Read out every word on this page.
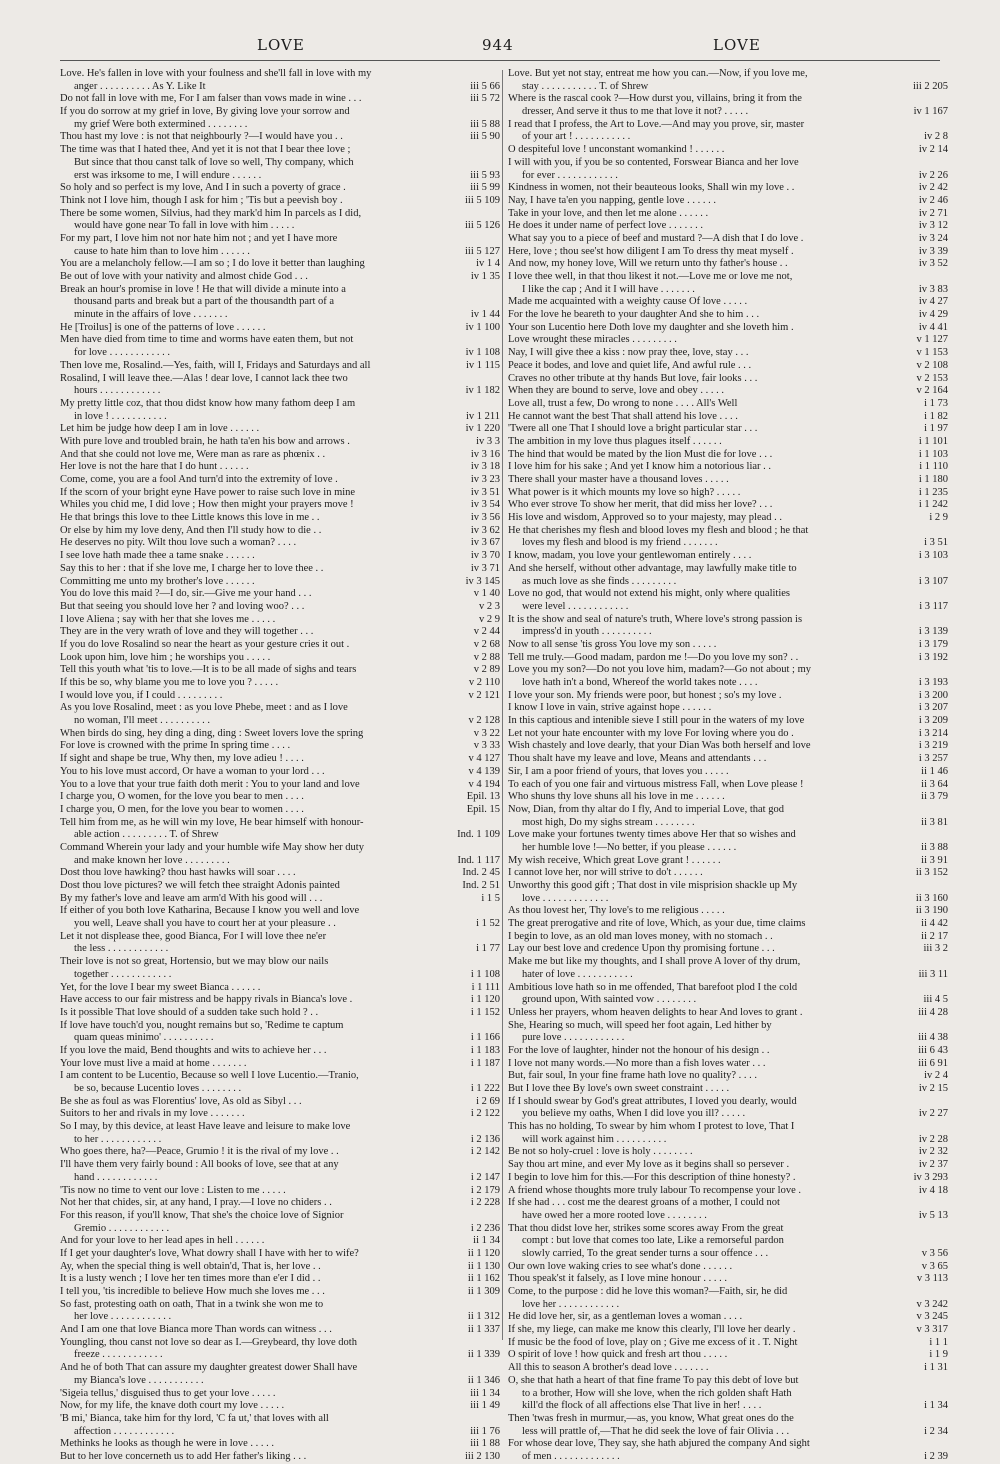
LOVE	944	LOVE
Love. He's fallen in love with your foulness and she'll fall in love with my
anger . . . . . . . . . . As Y. Like It	iii 5 66
Do not fall in love with me, For I am falser than vows made in wine . . .	iii 5 72
If you do sorrow at my grief in love, By giving love your sorrow and
my grief Were both extermined . . . . . . . .	iii 5 88
Thou hast my love : is not that neighbourly ?—I would have you . .	iii 5 90
The time was that I hated thee, And yet it is not that I bear thee love ;
But since that thou canst talk of love so well, Thy company, which
erst was irksome to me, I will endure . . . . . .	iii 5 93
So holy and so perfect is my love, And I in such a poverty of grace .	iii 5 99
Think not I love him, though I ask for him ; 'Tis but a peevish boy .	iii 5 109
There be some women, Silvius, had they mark'd him In parcels as I did,
would have gone near To fall in love with him . . . . .	iii 5 126
For my part, I love him not nor hate him not ; and yet I have more
cause to hate him than to love him . . . . . .	iii 5 127
You are a melancholy fellow.—I am so ; I do love it better than laughing	iv 1 4
Be out of love with your nativity and almost chide God . . .	iv 1 35
Break an hour's promise in love ! He that will divide a minute into a
thousand parts and break but a part of the thousandth part of a
minute in the affairs of love . . . . . . .	iv 1 44
He [Troilus] is one of the patterns of love . . . . . .	iv 1 100
Men have died from time to time and worms have eaten them, but not
for love . . . . . . . . . . . .	iv 1 108
Then love me, Rosalind.—Yes, faith, will I, Fridays and Saturdays and all	iv 1 115
Rosalind, I will leave thee.—Alas ! dear love, I cannot lack thee two
hours . . . . . . . . . . . .	iv 1 182
My pretty little coz, that thou didst know how many fathom deep I am
in love ! . . . . . . . . . . .	iv 1 211
Let him be judge how deep I am in love . . . . . .	iv 1 220
With pure love and troubled brain, he hath ta'en his bow and arrows .	iv 3 3
And that she could not love me, Were man as rare as phœnix . .	iv 3 16
Her love is not the hare that I do hunt . . . . . .	iv 3 18
Come, come, you are a fool And turn'd into the extremity of love .	iv 3 23
If the scorn of your bright eyne Have power to raise such love in mine	iv 3 51
Whiles you chid me, I did love ; How then might your prayers move !	iv 3 54
He that brings this love to thee Little knows this love in me . .	iv 3 56
Or else by him my love deny, And then I'll study how to die . .	iv 3 62
He deserves no pity. Wilt thou love such a woman? . . . .	iv 3 67
I see love hath made thee a tame snake . . . . . .	iv 3 70
Say this to her : that if she love me, I charge her to love thee . .	iv 3 71
Committing me unto my brother's love . . . . . .	iv 3 145
You do love this maid ?—I do, sir.—Give me your hand . . .	v 1 40
But that seeing you should love her ? and loving woo? . . .	v 2 3
I love Aliena ; say with her that she loves me . . . . .	v 2 9
They are in the very wrath of love and they will together . . .	v 2 44
If you do love Rosalind so near the heart as your gesture cries it out .	v 2 68
Look upon him, love him ; he worships you . . . . .	v 2 88
Tell this youth what 'tis to love.—It is to be all made of sighs and tears	v 2 89
If this be so, why blame you me to love you ? . . . . .	v 2 110
I would love you, if I could . . . . . . . . .	v 2 121
As you love Rosalind, meet : as you love Phebe, meet : and as I love
no woman, I'll meet . . . . . . . . . .	v 2 128
When birds do sing, hey ding a ding, ding : Sweet lovers love the spring	v 3 22
For love is crowned with the prime In spring time . . . .	v 3 33
If sight and shape be true, Why then, my love adieu ! . . . .	v 4 127
You to his love must accord, Or have a woman to your lord . . .	v 4 139
You to a love that your true faith doth merit : You to your land and love	v 4 194
I charge you, O women, for the love you bear to men . . . .	Epil. 13
I charge you, O men, for the love you bear to women . . . .	Epil. 15
Tell him from me, as he will win my love, He bear himself with honour-
able action . . . . . . . . . T. of Shrew	Ind. 1 109
Command Wherein your lady and your humble wife May show her duty
and make known her love . . . . . . . . .	Ind. 1 117
Dost thou love hawking? thou hast hawks will soar . . . .	Ind. 2 45
Dost thou love pictures? we will fetch thee straight Adonis painted	Ind. 2 51
By my father's love and leave am arm'd With his good will . . .	i 1 5
If either of you both love Katharina, Because I know you well and love
you well, Leave shall you have to court her at your pleasure . .	i 1 52
Let it not displease thee, good Bianca, For I will love thee ne'er
the less . . . . . . . . . . . .	i 1 77
Their love is not so great, Hortensio, but we may blow our nails
together . . . . . . . . . . . .	i 1 108
Yet, for the love I bear my sweet Bianca . . . . . .	i 1 111
Have access to our fair mistress and be happy rivals in Bianca's love .	i 1 120
Is it possible That love should of a sudden take such hold ? . .	i 1 152
If love have touch'd you, nought remains but so, 'Redime te captum
quam queas minimo' . . . . . . . . . .	i 1 166
If you love the maid, Bend thoughts and wits to achieve her . . .	i 1 183
Your love must live a maid at home . . . . . . .	i 1 187
I am content to be Lucentio, Because so well I love Lucentio.—Tranio,
be so, because Lucentio loves . . . . . . . .	i 1 222
Be she as foul as was Florentius' love, As old as Sibyl . . .	i 2 69
Suitors to her and rivals in my love . . . . . . .	i 2 122
So I may, by this device, at least Have leave and leisure to make love
to her . . . . . . . . . . . .	i 2 136
Who goes there, ha?—Peace, Grumio ! it is the rival of my love . .	i 2 142
I'll have them very fairly bound : All books of love, see that at any
hand . . . . . . . . . . . .	i 2 147
'Tis now no time to vent our love : Listen to me . . . . .	i 2 179
Not her that chides, sir, at any hand, I pray.—I love no chiders . .	i 2 228
For this reason, if you'll know, That she's the choice love of Signior
Gremio . . . . . . . . . . . .	i 2 236
And for your love to her lead apes in hell . . . . . .	ii 1 34
If I get your daughter's love, What dowry shall I have with her to wife?	ii 1 120
Ay, when the special thing is well obtain'd, That is, her love . .	ii 1 130
It is a lusty wench ; I love her ten times more than e'er I did . .	ii 1 162
I tell you, 'tis incredible to believe How much she loves me . . .	ii 1 309
So fast, protesting oath on oath, That in a twink she won me to
her love . . . . . . . . . . . .	ii 1 312
And I am one that love Bianca more Than words can witness . . .	ii 1 337
Youngling, thou canst not love so dear as I.—Greybeard, thy love doth
freeze . . . . . . . . . . . .	ii 1 339
And he of both That can assure my daughter greatest dower Shall have
my Bianca's love . . . . . . . . . . .	ii 1 346
'Sigeia tellus,' disguised thus to get your love . . . . .	iii 1 34
Now, for my life, the knave doth court my love . . . . .	iii 1 49
'B mi,' Bianca, take him for thy lord, 'C fa ut,' that loves with all
affection . . . . . . . . . . . .	iii 1 76
Methinks he looks as though he were in love . . . . .	iii 1 88
But to her love concerneth us to add Her father's liking . . .	iii 2 130
Love. But yet not stay, entreat me how you can.—Now, if you love me,
stay . . . . . . . . . . . T. of Shrew	iii 2 205
Where is the rascal cook ?—How durst you, villains, bring it from the
dresser, And serve it thus to me that love it not? . . . . .	iv 1 167
I read that I profess, the Art to Love.—And may you prove, sir, master
of your art ! . . . . . . . . . . .	iv 2 8
O despiteful love ! unconstant womankind ! . . . . . .	iv 2 14
I will with you, if you be so contented, Forswear Bianca and her love
for ever . . . . . . . . . . . .	iv 2 26
Kindness in women, not their beauteous looks, Shall win my love . .	iv 2 42
Nay, I have ta'en you napping, gentle love . . . . . .	iv 2 46
Take in your love, and then let me alone . . . . . .	iv 2 71
He does it under name of perfect love . . . . . . .	iv 3 12
What say you to a piece of beef and mustard ?—A dish that I do love .	iv 3 24
Here, love ; thou see'st how diligent I am To dress thy meat myself .	iv 3 39
And now, my honey love, Will we return unto thy father's house . .	iv 3 52
I love thee well, in that thou likest it not.—Love me or love me not,
I like the cap ; And it I will have . . . . . . .	iv 3 83
Made me acquainted with a weighty cause Of love . . . . .	iv 4 27
For the love he beareth to your daughter And she to him . . .	iv 4 29
Your son Lucentio here Doth love my daughter and she loveth him .	iv 4 41
Love wrought these miracles . . . . . . . . .	v 1 127
Nay, I will give thee a kiss : now pray thee, love, stay . . .	v 1 153
Peace it bodes, and love and quiet life, And awful rule . . .	v 2 108
Craves no other tribute at thy hands But love, fair looks . . .	v 2 153
When they are bound to serve, love and obey . . . . .	v 2 164
Love all, trust a few, Do wrong to none . . . . All's Well	i 1 73
He cannot want the best That shall attend his love . . . .	i 1 82
'Twere all one That I should love a bright particular star . . .	i 1 97
The ambition in my love thus plagues itself . . . . . .	i 1 101
The hind that would be mated by the lion Must die for love . . .	i 1 103
I love him for his sake ; And yet I know him a notorious liar . .	i 1 110
There shall your master have a thousand loves . . . . .	i 1 180
What power is it which mounts my love so high? . . . . .	i 1 235
Who ever strove To show her merit, that did miss her love? . . .	i 1 242
His love and wisdom, Approved so to your majesty, may plead . .	i 2 9
He that cherishes my flesh and blood loves my flesh and blood ; he that
loves my flesh and blood is my friend . . . . . . .	i 3 51
I know, madam, you love your gentlewoman entirely . . . .	i 3 103
And she herself, without other advantage, may lawfully make title to
as much love as she finds . . . . . . . . .	i 3 107
Love no god, that would not extend his might, only where qualities
were level . . . . . . . . . . . .	i 3 117
It is the show and seal of nature's truth, Where love's strong passion is
impress'd in youth . . . . . . . . . .	i 3 139
Now to all sense 'tis gross You love my son . . . . .	i 3 179
Tell me truly.—Good madam, pardon me !—Do you love my son? . .	i 3 192
Love you my son?—Do not you love him, madam?—Go not about ; my
love hath in't a bond, Whereof the world takes note . . . .	i 3 193
I love your son. My friends were poor, but honest ; so's my love .	i 3 200
I know I love in vain, strive against hope . . . . . .	i 3 207
In this captious and intenible sieve I still pour in the waters of my love	i 3 209
Let not your hate encounter with my love For loving where you do .	i 3 214
Wish chastely and love dearly, that your Dian Was both herself and love	i 3 219
Thou shalt have my leave and love, Means and attendants . . .	i 3 257
Sir, I am a poor friend of yours, that loves you . . . . .	ii 1 46
To each of you one fair and virtuous mistress Fall, when Love please !	ii 3 64
Who shuns thy love shuns all his love in me . . . . . .	ii 3 79
Now, Dian, from thy altar do I fly, And to imperial Love, that god
most high, Do my sighs stream . . . . . . . .	ii 3 81
Love make your fortunes twenty times above Her that so wishes and
her humble love !—No better, if you please . . . . . .	ii 3 88
My wish receive, Which great Love grant ! . . . . . .	ii 3 91
I cannot love her, nor will strive to do't . . . . . .	ii 3 152
Unworthy this good gift ; That dost in vile misprision shackle up My
love . . . . . . . . . . . . .	ii 3 160
As thou lovest her, Thy love's to me religious . . . . .	ii 3 190
The great prerogative and rite of love, Which, as your due, time claims	ii 4 42
I begin to love, as an old man loves money, with no stomach . .	ii 2 17
Lay our best love and credence Upon thy promising fortune . . .	iii 3 2
Make me but like my thoughts, and I shall prove A lover of thy drum,
hater of love . . . . . . . . . . .	iii 3 11
Ambitious love hath so in me offended, That barefoot plod I the cold
ground upon, With sainted vow . . . . . . . .	iii 4 5
Unless her prayers, whom heaven delights to hear And loves to grant .	iii 4 28
She, Hearing so much, will speed her foot again, Led hither by
pure love . . . . . . . . . . . .	iii 4 38
For the love of laughter, hinder not the honour of his design . .	iii 6 43
I love not many words.—No more than a fish loves water . . .	iii 6 91
But, fair soul, In your fine frame hath love no quality? . . . .	iv 2 4
But I love thee By love's own sweet constraint . . . . .	iv 2 15
If I should swear by God's great attributes, I loved you dearly, would
you believe my oaths, When I did love you ill? . . . . .	iv 2 27
This has no holding, To swear by him whom I protest to love, That I
will work against him . . . . . . . . . .	iv 2 28
Be not so holy-cruel : love is holy . . . . . . . .	iv 2 32
Say thou art mine, and ever My love as it begins shall so persever .	iv 2 37
I begin to love him for this.—For this description of thine honesty? .	iv 3 293
A friend whose thoughts more truly labour To recompense your love .	iv 4 18
If she had . . . cost me the dearest groans of a mother, I could not
have owed her a more rooted love . . . . . . . .	iv 5 13
That thou didst love her, strikes some scores away From the great
compt : but love that comes too late, Like a remorseful pardon
slowly carried, To the great sender turns a sour offence . . .	v 3 56
Our own love waking cries to see what's done . . . . . .	v 3 65
Thou speak'st it falsely, as I love mine honour . . . . .	v 3 113
Come, to the purpose : did he love this woman?—Faith, sir, he did
love her . . . . . . . . . . . .	v 3 242
He did love her, sir, as a gentleman loves a woman . . . .	v 3 245
If she, my liege, can make me know this clearly, I'll love her dearly .	v 3 317
If music be the food of love, play on ; Give me excess of it . T. Night	i 1 1
O spirit of love ! how quick and fresh art thou . . . . .	i 1 9
All this to season A brother's dead love . . . . . . .	i 1 31
O, she that hath a heart of that fine frame To pay this debt of love but
to a brother, How will she love, when the rich golden shaft Hath
kill'd the flock of all affections else That live in her! . . . .	i 1 34
Then 'twas fresh in murmur,—as, you know, What great ones do the
less will prattle of,—That he did seek the love of fair Olivia . . .	i 2 34
For whose dear love, They say, she hath abjured the company And sight
of men . . . . . . . . . . . . .	i 2 39
